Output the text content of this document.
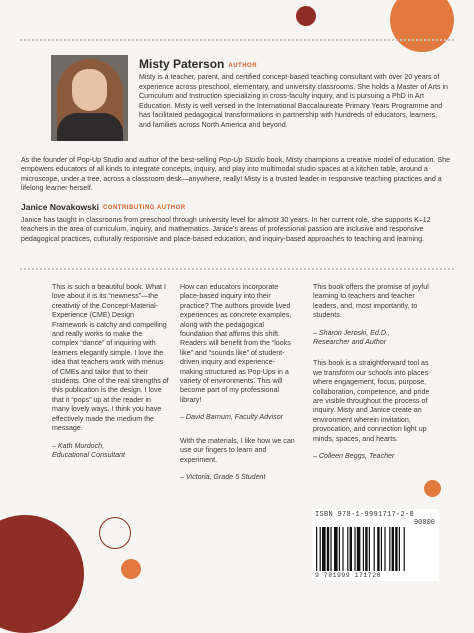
Misty Paterson AUTHOR

Misty is a teacher, parent, and certified concept-based teaching consultant with over 20 years of experience across preschool, elementary, and university classrooms. She holds a Master of Arts in Curriculum and Instruction specializing in cross-faculty inquiry, and is pursuing a PhD in Art Education. Misty is well versed in the International Baccalaureate Primary Years Programme and has facilitated pedagogical transformations in partnership with hundreds of educators, learners, and families across North America and beyond.

As the founder of Pop-Up Studio and author of the best-selling Pop-Up Studio book, Misty champions a creative model of education. She empowers educators of all kinds to integrate concepts, inquiry, and play into multimodal studio spaces at a kitchen table, around a microscope, under a tree, across a classroom desk—anywhere, really! Misty is a trusted leader in responsive teaching practices and a lifelong learner herself.

Janice Novakowski CONTRIBUTING AUTHOR

Janice has taught in classrooms from preschool through university level for almost 30 years. In her current role, she supports K–12 teachers in the area of curriculum, inquiry, and mathematics. Janice's areas of professional passion are inclusive and responsive pedagogical practices, culturally responsive and place-based education, and inquiry-based approaches to teaching and learning.

This is such a beautiful book. What I love about it is its “newness”—the creativity of the Concept-Material-Experience (CME) Design Framework is catchy and compelling and really works to make the complex “dance” of inquiring with learners elegantly simple. I love the idea that teachers work with menus of CMEs and tailor that to their students. One of the real strengths of this publication is the design. I love that it “pops” up at the reader in many lovely ways. I think you have effectively made the medium the message.

– Kath Murdoch,
Educational Consultant

How can educators incorporate place-based inquiry into their practice? The authors provide lived experiences as concrete examples, along with the pedagogical foundation that affirms this shift. Readers will benefit from the “looks like” and “sounds like” of student-driven inquiry and experience-making structured as Pop-Ups in a variety of environments. This will become part of my professional library!

– David Barnum, Faculty Advisor

With the materials, I like how we can use our fingers to learn and experiment.

– Victoria, Grade 5 Student

This book offers the promise of joyful learning to teachers and teacher leaders, and, most importantly, to students.

– Sharon Jeroski, Ed.D.,
Researcher and Author

This book is a straightforward tool as we transform our schools into places where engagement, focus, purpose, collaboration, competence, and pride are visible throughout the process of inquiry. Misty and Janice create an environment wherein invitation, provocation, and connection light up minds, spaces, and hearts.

– Colleen Beggs, Teacher

ISBN 978-1-9991717-2-8
90000
9 781999 171728
